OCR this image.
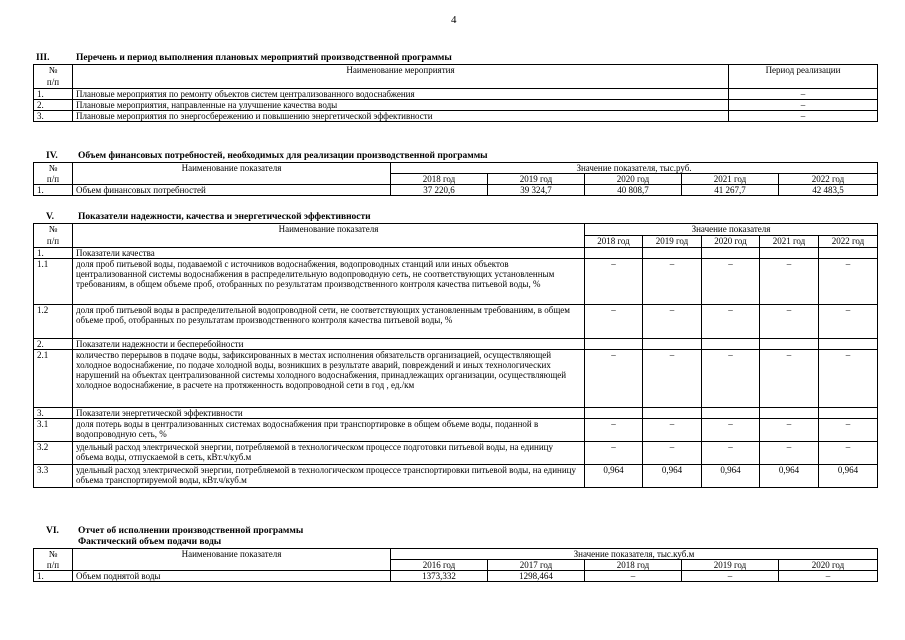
4
III.	Перечень и период выполнения плановых мероприятий производственной программы
№	Наименование мероприятия	Период реализации
п/п		
1.	Плановые мероприятия по ремонту объектов систем централизованного водоснабжения	–
2.	Плановые мероприятия, направленные на улучшение качества воды	–
3.	Плановые мероприятия по энергосбережению и повышению энергетической эффективности	–
IV. Объем финансовых потребностей, необходимых для реализации производственной программы
№	Наименование показателя	Значение показателя, тыс.руб.				
п/п		2018 год	2019 год	2020 год	2021 год	2022 год
1.	Объем финансовых потребностей	37 220,6	39 324,7	40 808,7	41 267,7	42 483,5
V.	Показатели надежности, качества и энергетической эффективности
№	Наименование показателя	Значение показателя				
п/п		2018 год	2019 год	2020 год	2021 год	2022 год
1.	Показатели качества					
1.1	доля проб питьевой воды, подаваемой с источников водоснабжения, водопроводных станций или иных объектов централизованной системы водоснабжения в распределительную водопроводную сеть, не соответствующих установленным требованиям, в общем объеме проб, отобранных по результатам производственного контроля качества питьевой воды, %	–	–	–	–	–
1.2	доля проб питьевой воды в распределительной водопроводной сети, не соответствующих установленным требованиям, в общем объеме проб, отобранных по результатам производственного контроля качества питьевой воды, %	–	–	–	–	–
2.	Показатели надежности и бесперебойности					
2.1	количество перерывов в подаче воды, зафиксированных в местах исполнения обязательств организацией, осуществляющей холодное водоснабжение, по подаче холодной воды, возникших в результате аварий, повреждений и иных технологических нарушений на объектах централизованной системы холодного водоснабжения, принадлежащих организации, осуществляющей холодное водоснабжение, в расчете на протяженность водопроводной сети в год , ед./км	–	–	–	–	–
3.	Показатели энергетической эффективности					
3.1	доля потерь воды в централизованных системах водоснабжения при транспортировке в общем объеме воды, поданной в водопроводную сеть, %	–	–	–	–	–
3.2	удельный расход электрической энергии, потребляемой в технологическом процессе подготовки питьевой воды, на единицу объема воды, отпускаемой в сеть, кВт.ч/куб.м	–	–	–	–	–
3.3	удельный расход электрической энергии, потребляемой в технологическом процессе транспортировки питьевой воды, на единицу объема транспортируемой воды, кВт.ч/куб.м	0,964	0,964	0,964	0,964	0,964
VI. Отчет об исполнении производственной программы
Фактический объем подачи воды
№	Наименование показателя	Значение показателя, тыс.куб.м				
п/п		2016 год	2017 год	2018 год	2019 год	2020 год
1.	Объем поднятой воды	1373,332	1298,464	–	–	–
